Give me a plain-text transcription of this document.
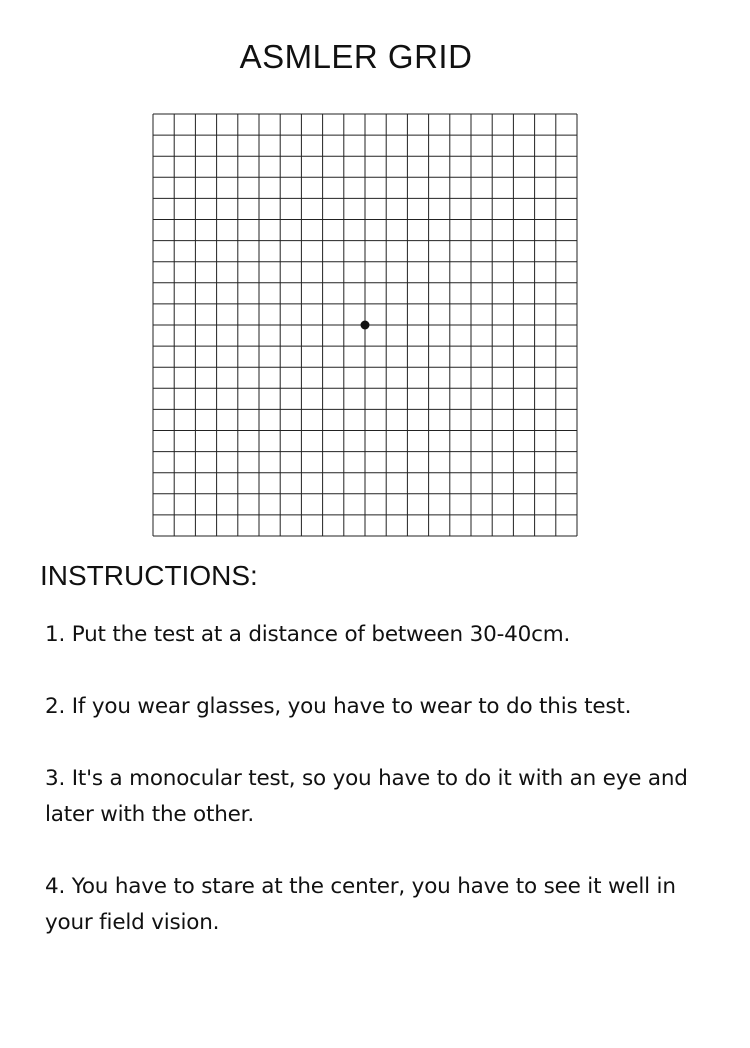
ASMLER GRID
INSTRUCTIONS:
1. Put the test at a distance of between 30-40cm.
2. If you wear glasses, you have to wear to do this test.
3. It's a monocular test, so you have to do it with an eye and later with the other.
4. You have to stare at the center, you have to see it well in your field vision.
